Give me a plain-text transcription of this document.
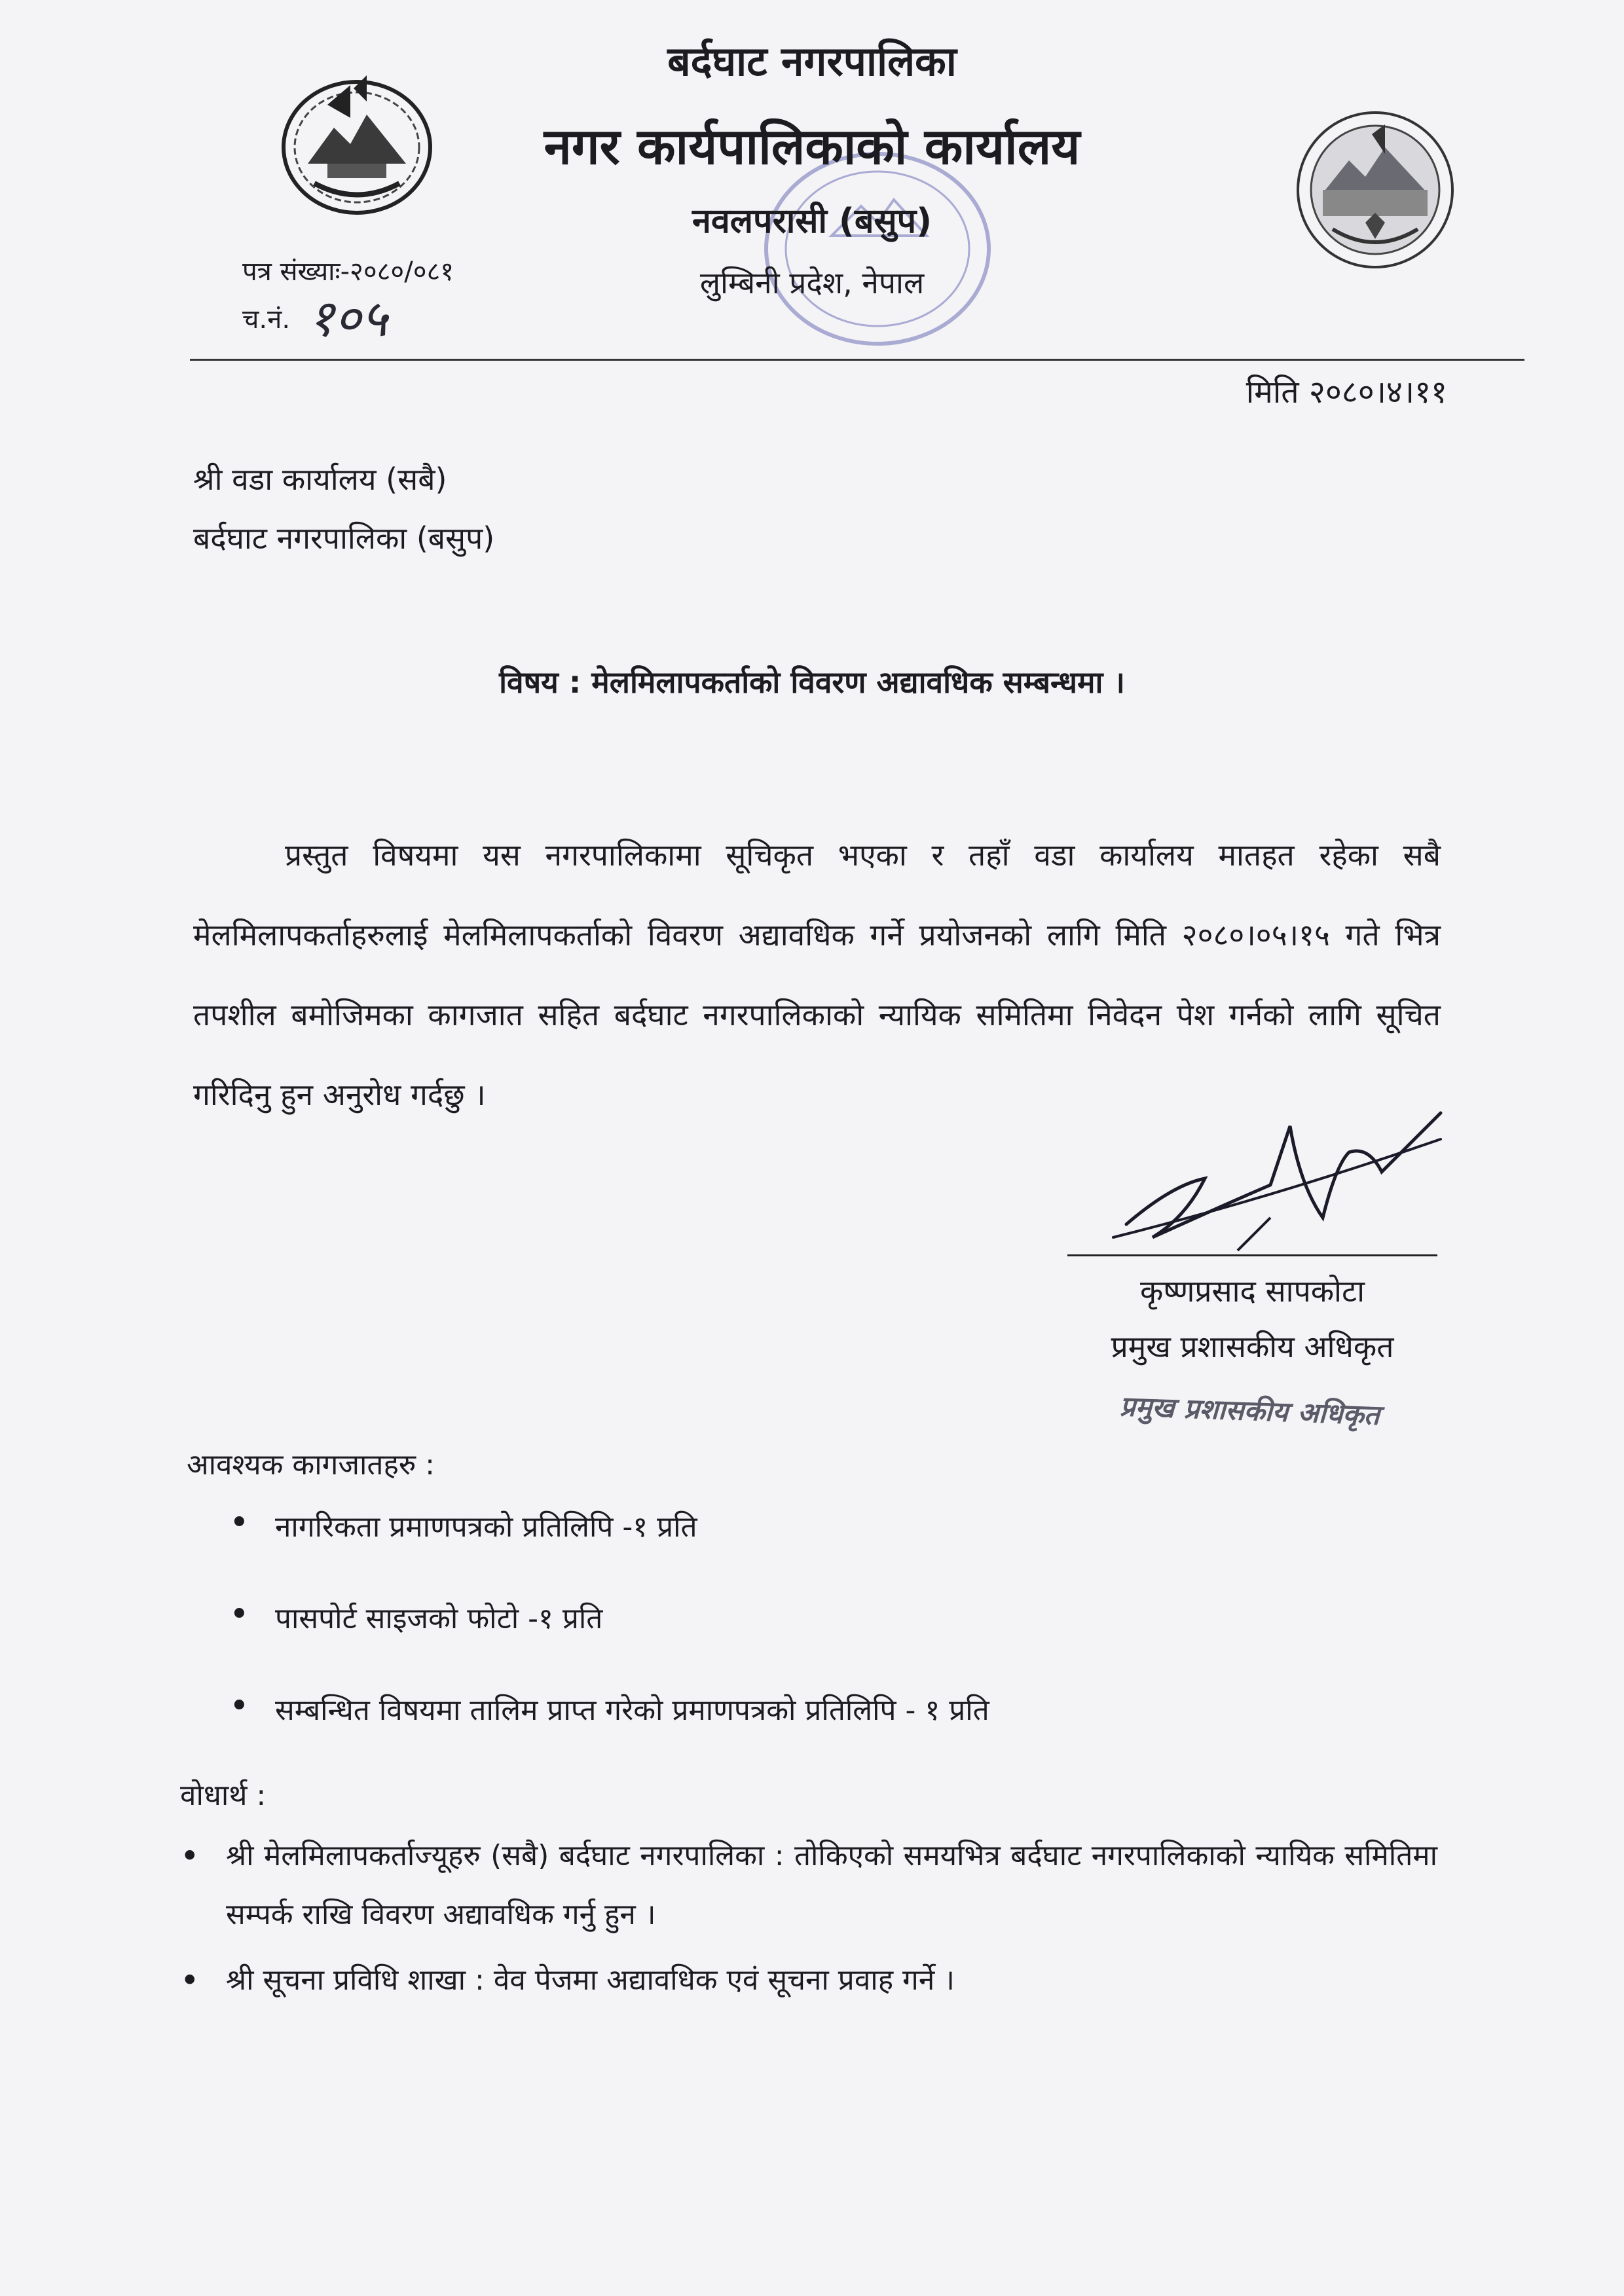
बर्दघाट नगरपालिका
नगर कार्यपालिकाको कार्यालय
नवलपरासी (बसुप)
लुम्बिनी प्रदेश, नेपाल
पत्र संख्याः-२०८०/०८१
च.नं. १०५
मिति २०८०।४।११
श्री वडा कार्यालय (सबै)
बर्दघाट नगरपालिका (बसुप)
विषय : मेलमिलापकर्ताको विवरण अद्यावधिक सम्बन्धमा ।
प्रस्तुत विषयमा यस नगरपालिकामा सूचिकृत भएका र तहाँ वडा कार्यालय मातहत रहेका सबै मेलमिलापकर्ताहरुलाई मेलमिलापकर्ताको विवरण अद्यावधिक गर्ने प्रयोजनको लागि मिति २०८०।०५।१५ गते भित्र तपशील बमोजिमका कागजात सहित बर्दघाट नगरपालिकाको न्यायिक समितिमा निवेदन पेश गर्नको लागि सूचित गरिदिनु हुन अनुरोध गर्दछु ।
कृष्णप्रसाद सापकोटा
प्रमुख प्रशासकीय अधिकृत
प्रमुख प्रशासकीय अधिकृत
आवश्यक कागजातहरु :
• नागरिकता प्रमाणपत्रको प्रतिलिपि -१ प्रति
• पासपोर्ट साइजको फोटो -१ प्रति
• सम्बन्धित विषयमा तालिम प्राप्त गरेको प्रमाणपत्रको प्रतिलिपि - १ प्रति
वोधार्थ :
• श्री मेलमिलापकर्ताज्यूहरु (सबै) बर्दघाट नगरपालिका : तोकिएको समयभित्र बर्दघाट नगरपालिकाको न्यायिक समितिमा सम्पर्क राखि विवरण अद्यावधिक गर्नु हुन ।
• श्री सूचना प्रविधि शाखा : वेव पेजमा अद्यावधिक एवं सूचना प्रवाह गर्ने ।
